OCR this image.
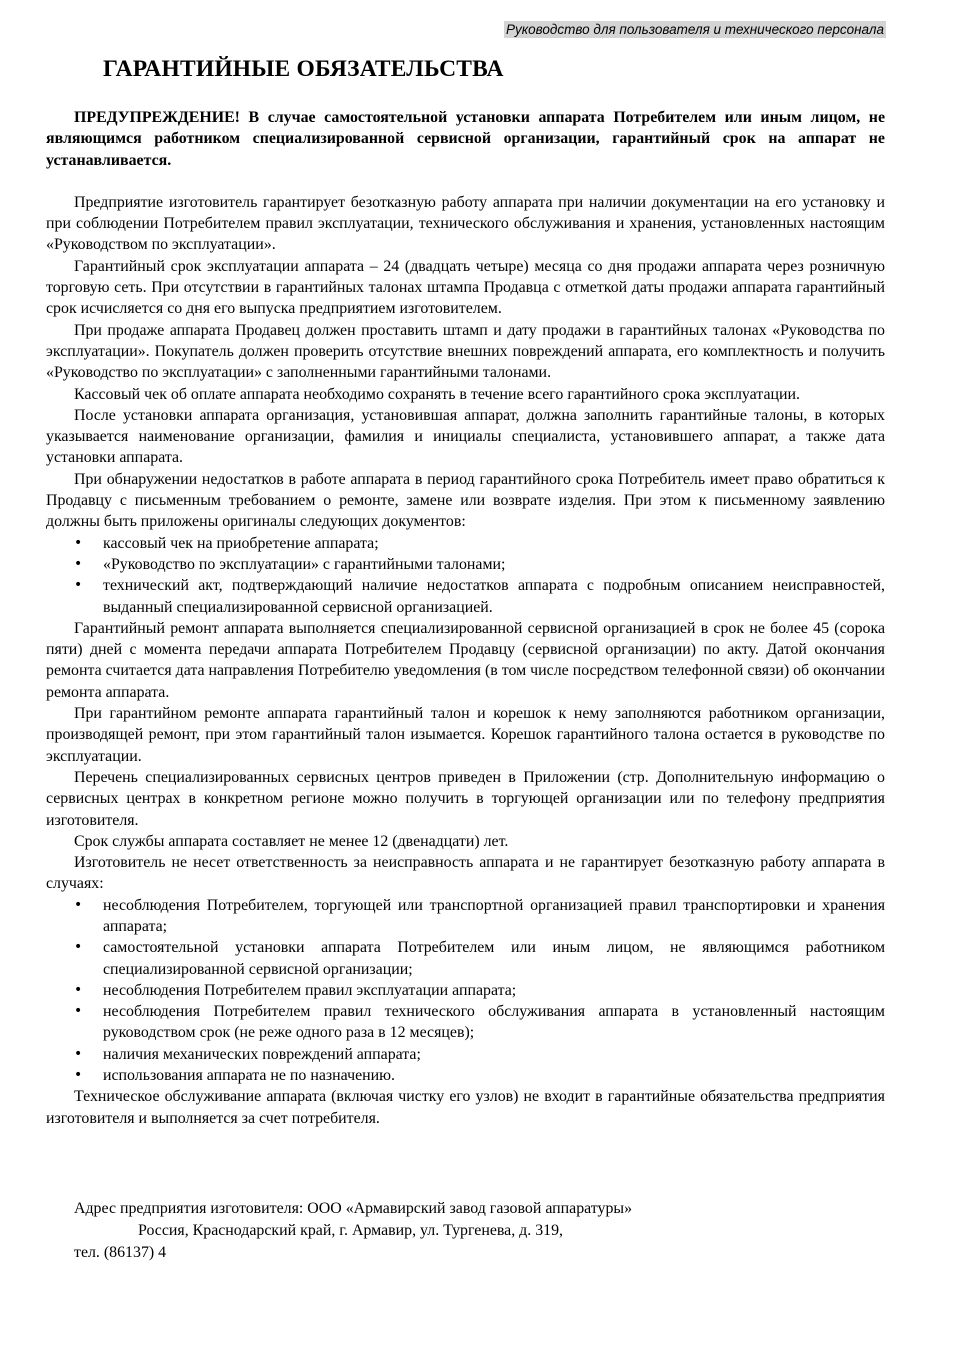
Руководство для пользователя и технического персонала
ГАРАНТИЙНЫЕ ОБЯЗАТЕЛЬСТВА

ПРЕДУПРЕЖДЕНИЕ! В случае самостоятельной установки аппарата Потребителем или иным лицом, не являющимся работником специализированной сервисной организации, гарантийный срок на аппарат не устанавливается.

Предприятие изготовитель гарантирует безотказную работу аппарата при наличии документации на его установку и при соблюдении Потребителем правил эксплуатации, технического обслуживания и хранения, установленных настоящим «Руководством по эксплуатации».

Гарантийный срок эксплуатации аппарата – 24 (двадцать четыре) месяца со дня продажи аппарата через розничную торговую сеть. При отсутствии в гарантийных талонах штампа Продавца с отметкой даты продажи аппарата гарантийный срок исчисляется со дня его выпуска предприятием изготовителем.

При продаже аппарата Продавец должен проставить штамп и дату продажи в гарантийных талонах «Руководства по эксплуатации». Покупатель должен проверить отсутствие внешних повреждений аппарата, его комплектность и получить «Руководство по эксплуатации» с заполненными гарантийными талонами.

Кассовый чек об оплате аппарата необходимо сохранять в течение всего гарантийного срока эксплуатации.

После установки аппарата организация, установившая аппарат, должна заполнить гарантийные талоны, в которых указывается наименование организации, фамилия и инициалы специалиста, установившего аппарат, а также дата установки аппарата.

При обнаружении недостатков в работе аппарата в период гарантийного срока Потребитель имеет право обратиться к Продавцу с письменным требованием о ремонте, замене или возврате изделия. При этом к письменному заявлению должны быть приложены оригиналы следующих документов:

• кассовый чек на приобретение аппарата;
• «Руководство по эксплуатации» с гарантийными талонами;
• технический акт, подтверждающий наличие недостатков аппарата с подробным описанием неисправностей, выданный специализированной сервисной организацией.

Гарантийный ремонт аппарата выполняется специализированной сервисной организацией в срок не более 45 (сорока пяти) дней с момента передачи аппарата Потребителем Продавцу (сервисной организации) по акту. Датой окончания ремонта считается дата направления Потребителю уведомления (в том числе посредством телефонной связи) об окончании ремонта аппарата.

При гарантийном ремонте аппарата гарантийный талон и корешок к нему заполняются работником организации, производящей ремонт, при этом гарантийный талон изымается. Корешок гарантийного талона остается в руководстве по эксплуатации.

Перечень специализированных сервисных центров приведен в Приложении (стр. Дополнительную информацию о сервисных центрах в конкретном регионе можно получить в торгующей организации или по телефону предприятия изготовителя.

Срок службы аппарата составляет не менее 12 (двенадцати) лет.

Изготовитель не несет ответственность за неисправность аппарата и не гарантирует безотказную работу аппарата в случаях:

• несоблюдения Потребителем, торгующей или транспортной организацией правил транспортировки и хранения аппарата;
• самостоятельной установки аппарата Потребителем или иным лицом, не являющимся работником специализированной сервисной организации;
• несоблюдения Потребителем правил эксплуатации аппарата;
• несоблюдения Потребителем правил технического обслуживания аппарата в установленный настоящим руководством срок (не реже одного раза в 12 месяцев);
• наличия механических повреждений аппарата;
• использования аппарата не по назначению.

Техническое обслуживание аппарата (включая чистку его узлов) не входит в гарантийные обязательства предприятия изготовителя и выполняется за счет потребителя.

Адрес предприятия изготовителя: ООО «Армавирский завод газовой аппаратуры»
Россия, Краснодарский край, г. Армавир, ул. Тургенева, д. 319,
тел. (86137) 4
